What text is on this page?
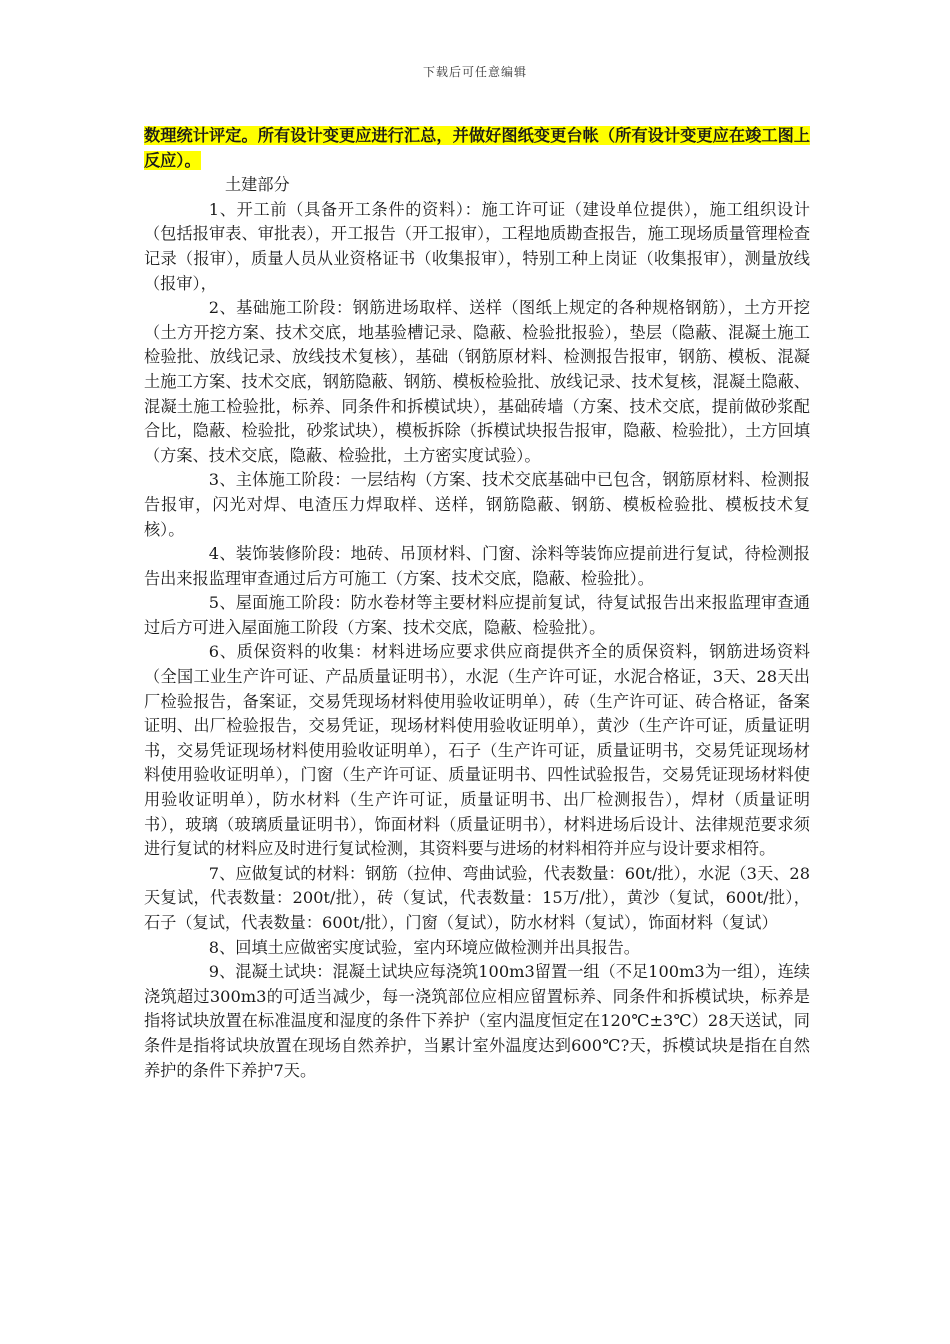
下载后可任意编辑

数理统计评定。所有设计变更应进行汇总，并做好图纸变更台帐（所有设计变更应在竣工图上反应）。

土建部分

1、开工前（具备开工条件的资料）：施工许可证（建设单位提供），施工组织设计（包括报审表、审批表），开工报告（开工报审），工程地质勘查报告，施工现场质量管理检查记录（报审），质量人员从业资格证书（收集报审），特别工种上岗证（收集报审），测量放线（报审），

2、基础施工阶段：钢筋进场取样、送样（图纸上规定的各种规格钢筋），土方开挖（土方开挖方案、技术交底，地基验槽记录、隐蔽、检验批报验），垫层（隐蔽、混凝土施工检验批、放线记录、放线技术复核），基础（钢筋原材料、检测报告报审，钢筋、模板、混凝土施工方案、技术交底，钢筋隐蔽、钢筋、模板检验批、放线记录、技术复核，混凝土隐蔽、混凝土施工检验批，标养、同条件和拆模试块），基础砖墙（方案、技术交底，提前做砂浆配合比，隐蔽、检验批，砂浆试块），模板拆除（拆模试块报告报审，隐蔽、检验批），土方回填（方案、技术交底，隐蔽、检验批，土方密实度试验）。

3、主体施工阶段：一层结构（方案、技术交底基础中已包含，钢筋原材料、检测报告报审，闪光对焊、电渣压力焊取样、送样，钢筋隐蔽、钢筋、模板检验批、模板技术复核）。

4、装饰装修阶段：地砖、吊顶材料、门窗、涂料等装饰应提前进行复试，待检测报告出来报监理审查通过后方可施工（方案、技术交底，隐蔽、检验批）。

5、屋面施工阶段：防水卷材等主要材料应提前复试，待复试报告出来报监理审查通过后方可进入屋面施工阶段（方案、技术交底，隐蔽、检验批）。

6、质保资料的收集：材料进场应要求供应商提供齐全的质保资料，钢筋进场资料（全国工业生产许可证、产品质量证明书），水泥（生产许可证，水泥合格证，3天、28天出厂检验报告，备案证，交易凭现场材料使用验收证明单），砖（生产许可证、砖合格证，备案证明、出厂检验报告，交易凭证，现场材料使用验收证明单），黄沙（生产许可证，质量证明书，交易凭证现场材料使用验收证明单），石子（生产许可证，质量证明书，交易凭证现场材料使用验收证明单），门窗（生产许可证、质量证明书、四性试验报告，交易凭证现场材料使用验收证明单），防水材料（生产许可证，质量证明书、出厂检测报告），焊材（质量证明书），玻璃（玻璃质量证明书），饰面材料（质量证明书），材料进场后设计、法律规范要求须进行复试的材料应及时进行复试检测，其资料要与进场的材料相符并应与设计要求相符。

7、应做复试的材料：钢筋（拉伸、弯曲试验，代表数量：60t/批），水泥（3天、28天复试，代表数量：200t/批），砖（复试，代表数量：15万/批），黄沙（复试，600t/批），石子（复试，代表数量：600t/批），门窗（复试），防水材料（复试），饰面材料（复试）

8、回填土应做密实度试验，室内环境应做检测并出具报告。

9、混凝土试块：混凝土试块应每浇筑100m3留置一组（不足100m3为一组），连续浇筑超过300m3的可适当减少，每一浇筑部位应相应留置标养、同条件和拆模试块，标养是指将试块放置在标准温度和湿度的条件下养护（室内温度恒定在120℃±3℃）28天送试，同条件是指将试块放置在现场自然养护，当累计室外温度达到600℃?天，拆模试块是指在自然养护的条件下养护7天。
